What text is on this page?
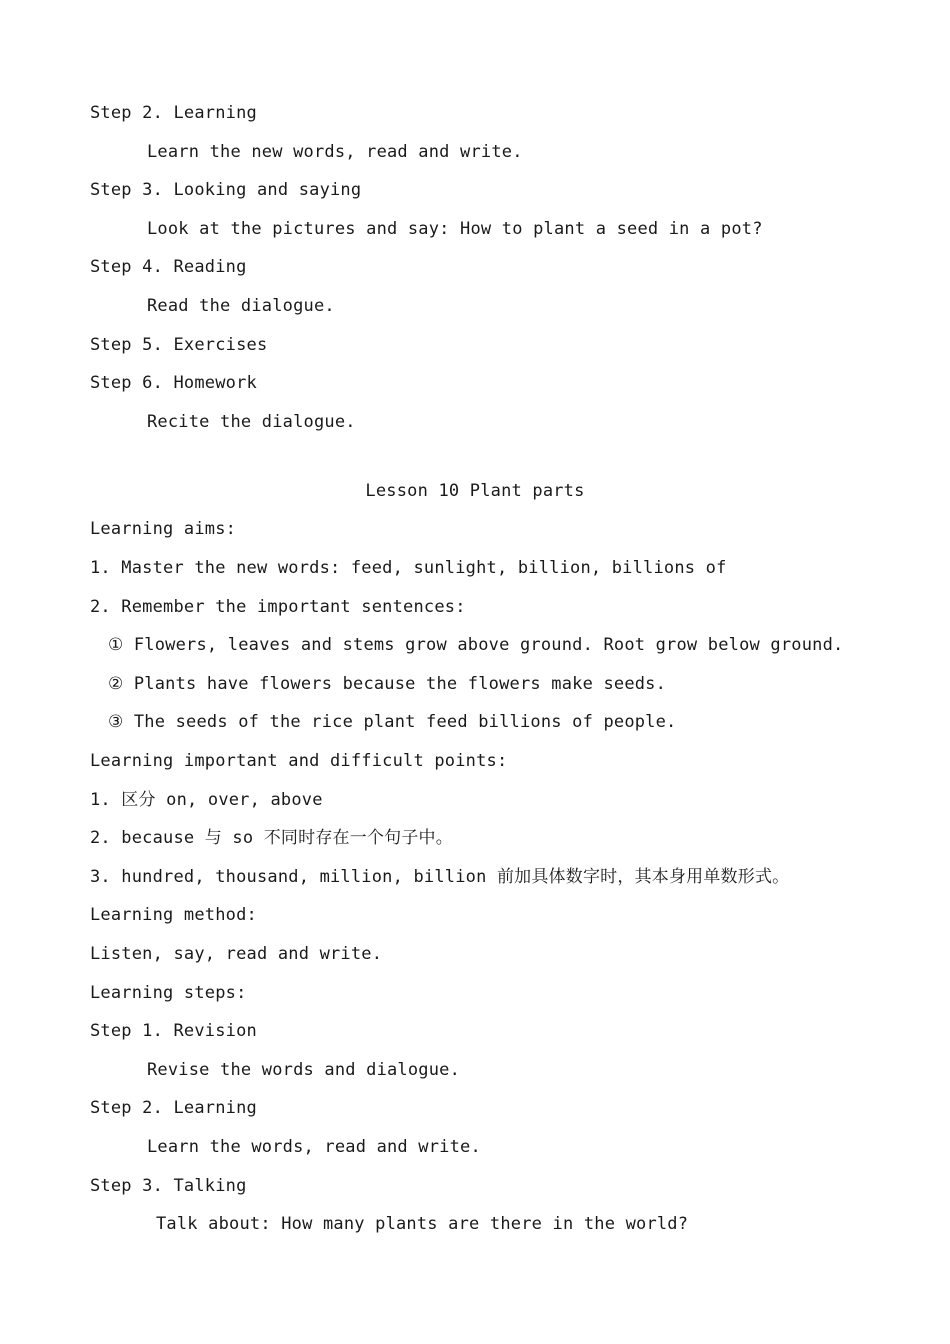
Step 2. Learning
Learn the new words, read and write.
Step 3. Looking and saying
Look at the pictures and say: How to plant a seed in a pot?
Step 4. Reading
Read the dialogue.
Step 5. Exercises
Step 6. Homework
Recite the dialogue.
Lesson 10 Plant parts
Learning aims:
1. Master the new words: feed, sunlight, billion, billions of
2. Remember the important sentences:
① Flowers, leaves and stems grow above ground. Root grow below ground.
② Plants have flowers because the flowers make seeds.
③ The seeds of the rice plant feed billions of people.
Learning important and difficult points:
1. 区分 on, over, above
2. because 与 so 不同时存在一个句子中。
3. hundred, thousand, million, billion 前加具体数字时，其本身用单数形式。
Learning method:
Listen, say, read and write.
Learning steps:
Step 1. Revision
Revise the words and dialogue.
Step 2. Learning
Learn the words, read and write.
Step 3. Talking
Talk about: How many plants are there in the world?
